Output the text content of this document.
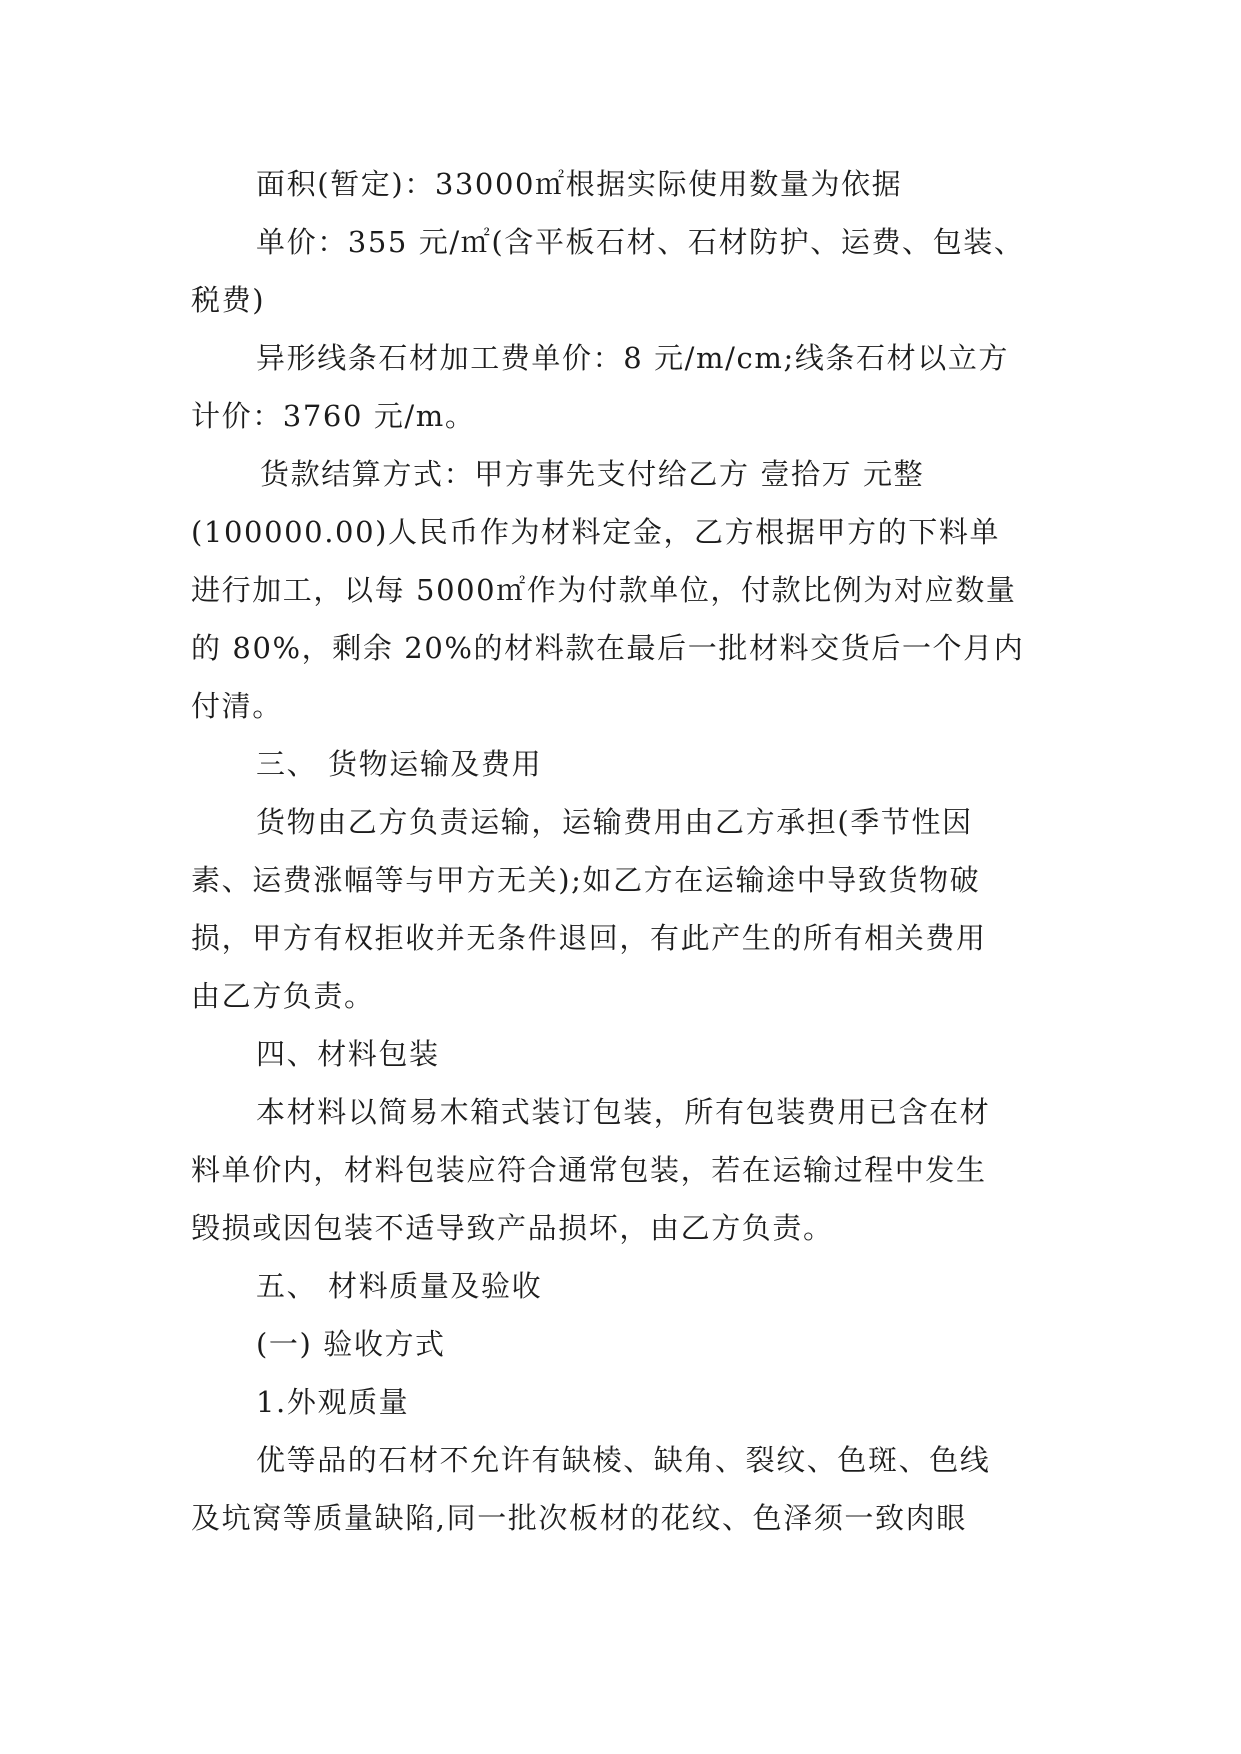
面积(暂定)：33000㎡根据实际使用数量为依据
单价：355 元/㎡(含平板石材、石材防护、运费、包装、
税费)
异形线条石材加工费单价：8 元/m/cm;线条石材以立方
计价：3760 元/m。
货款结算方式：甲方事先支付给乙方 壹拾万 元整
(100000.00)人民币作为材料定金，乙方根据甲方的下料单
进行加工，以每 5000㎡作为付款单位，付款比例为对应数量
的 80%，剩余 20%的材料款在最后一批材料交货后一个月内
付清。
三、 货物运输及费用
货物由乙方负责运输，运输费用由乙方承担(季节性因
素、运费涨幅等与甲方无关);如乙方在运输途中导致货物破
损，甲方有权拒收并无条件退回，有此产生的所有相关费用
由乙方负责。
四、材料包装
本材料以简易木箱式装订包装，所有包装费用已含在材
料单价内，材料包装应符合通常包装，若在运输过程中发生
毁损或因包装不适导致产品损坏，由乙方负责。
五、 材料质量及验收
(一) 验收方式
1.外观质量
优等品的石材不允许有缺棱、缺角、裂纹、色斑、色线
及坑窝等质量缺陷,同一批次板材的花纹、色泽须一致肉眼
